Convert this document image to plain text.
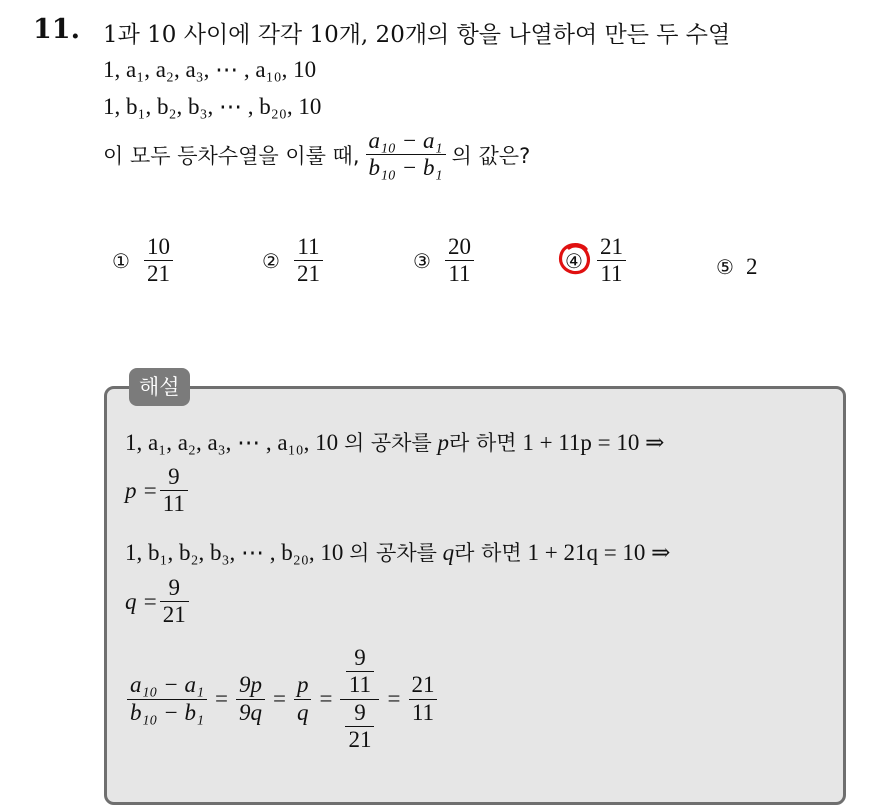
11. 1과 10 사이에 각각 10개, 20개의 항을 나열하여 만든 두 수열
1, a₁, a₂, a₃, ⋯ , a₁₀, 10
1, b₁, b₂, b₃, ⋯ , b₂₀, 10
이 모두 등차수열을 이룰 때, $\frac{\text{a₁₀ − a₁}}{\text{b₁₀ − b₁}}$ 의 값은?
① $\frac{10}{21}$	② $\frac{11}{21}$	③ $\frac{20}{11}$	④ $\frac{21}{11}$	⑤ 2
해설
1, a₁, a₂, a₃, ⋯ , a₁₀, 10 의 공차를 p라 하면 1 + 11p = 10 ⇒
$p = \frac{9}{11}$
1, b₁, b₂, b₃, ⋯ , b₂₀, 10 의 공차를 q라 하면 1 + 21q = 10 ⇒
$q = \frac{9}{21}$
$\frac{\text{a₁₀ − a₁}}{\text{b₁₀ − b₁}} = \frac{9p}{9q} = \frac{p}{q} = \frac{\frac{9}{11}}{\frac{9}{21}} = \frac{21}{11}$
